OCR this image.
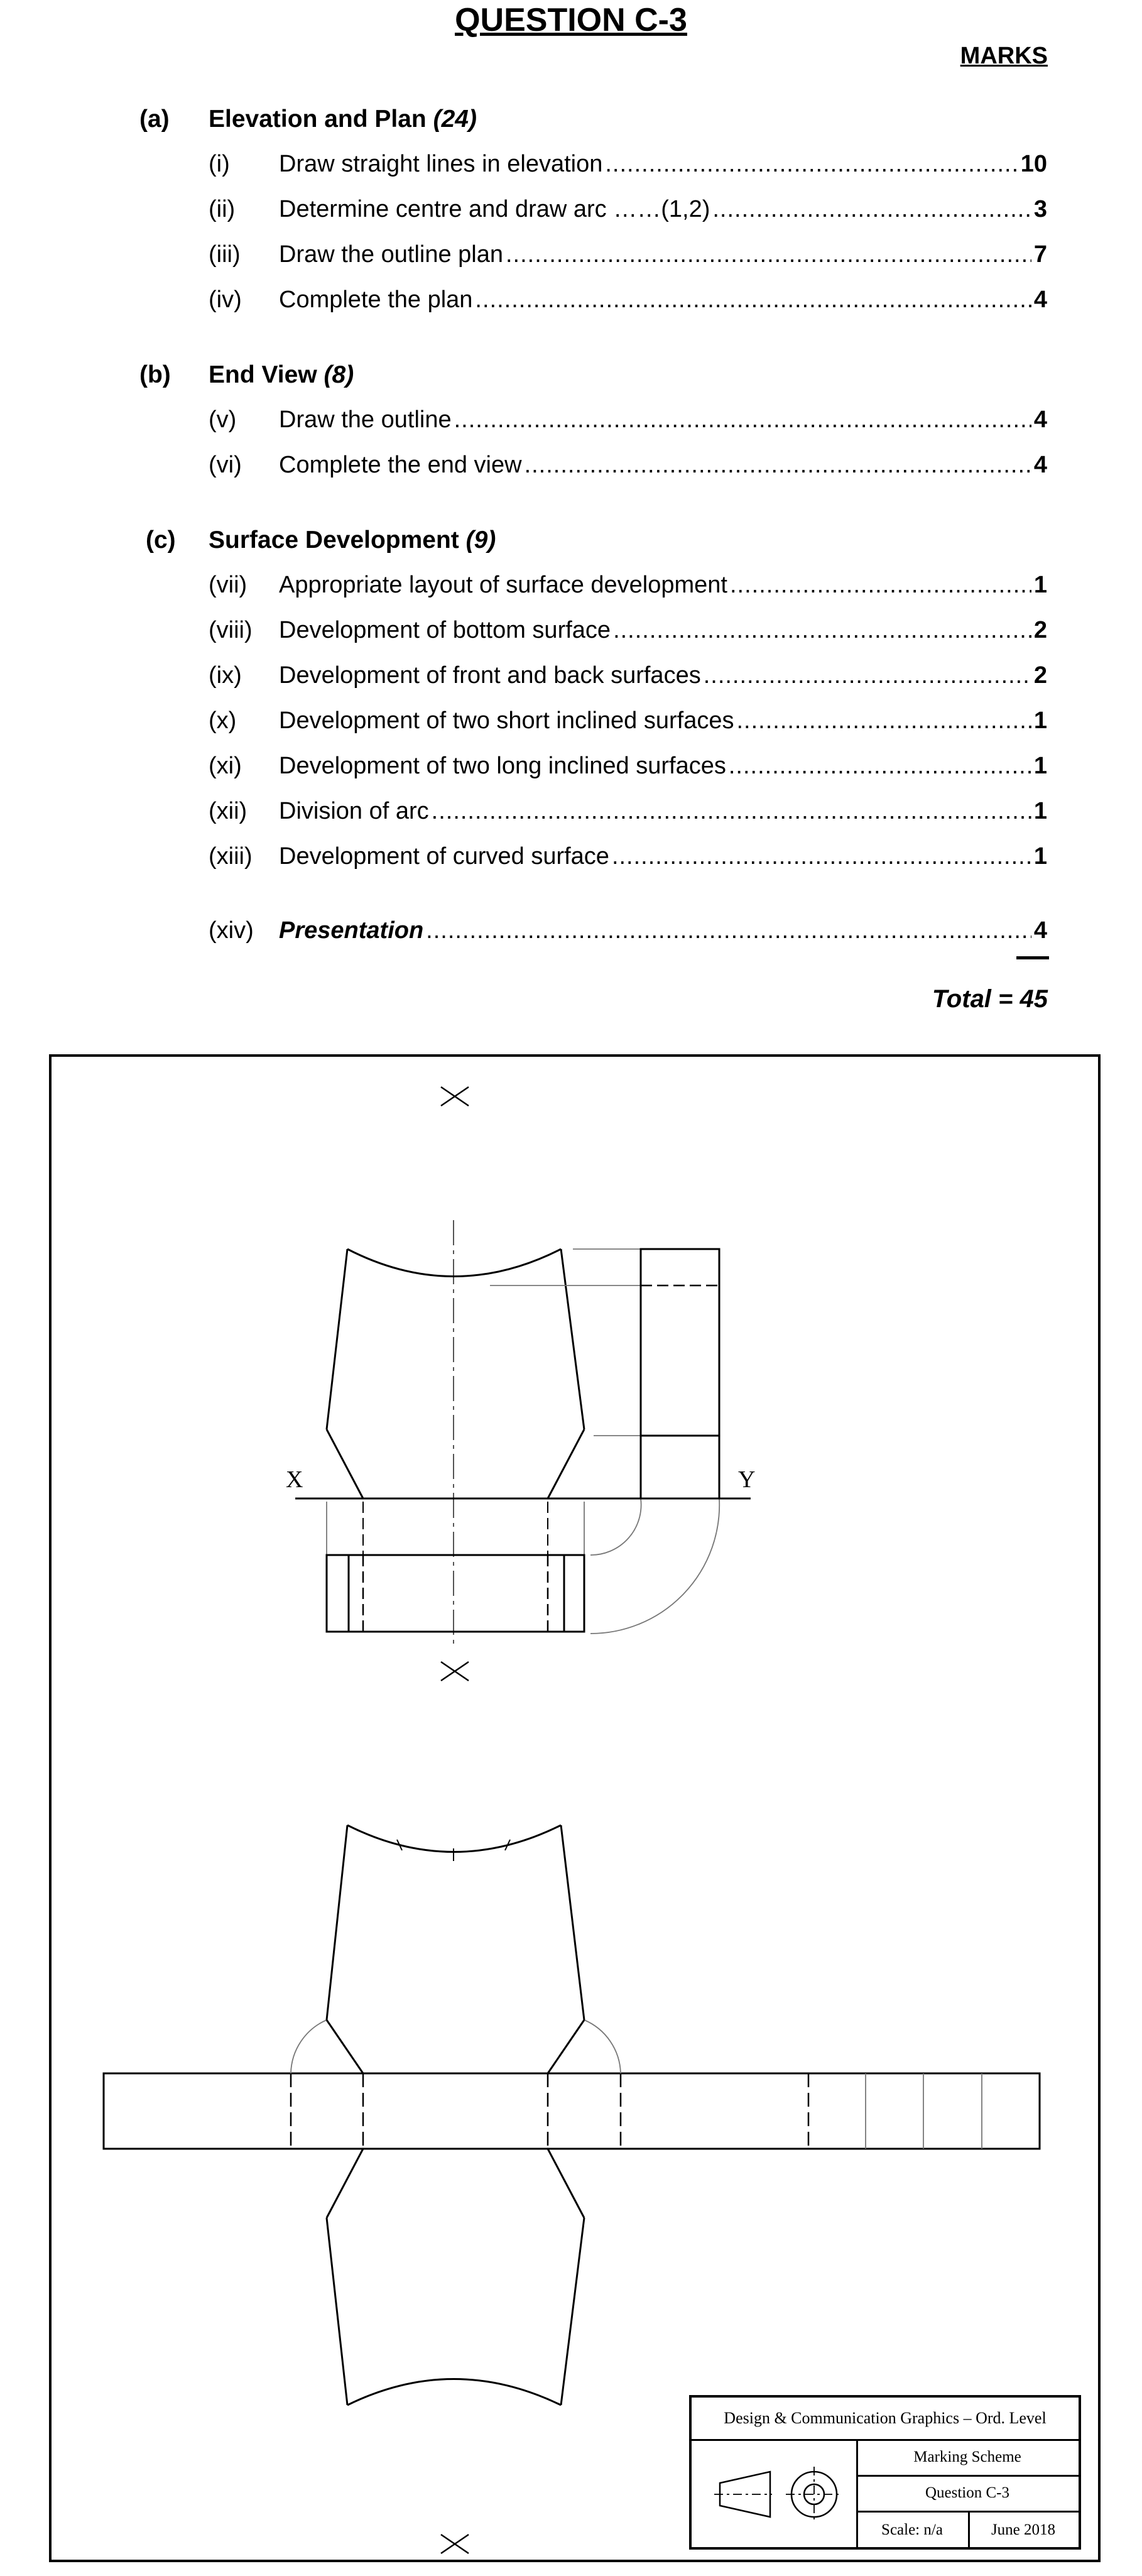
QUESTION C-3
MARKS
(a) Elevation and Plan (24)
(i)	Draw straight lines in elevation .....	10
(ii)	Determine centre and draw arc ……(1,2) .....	3
(iii)	Draw the outline plan .....	7
(iv)	Complete the plan .....	4
(b) End View (8)
(v)	Draw the outline .....	4
(vi)	Complete the end view .....	4
(c) Surface Development (9)
(vii)	Appropriate layout of surface development .....	1
(viii)	Development of bottom surface .....	2
(ix)	Development of front and back surfaces .....	2
(x)	Development of two short inclined surfaces .....	1
(xi)	Development of two long inclined surfaces .....	1
(xii)	Division of arc .....	1
(xiii)	Development of curved surface .....	1
(xiv)	Presentation .....	4
Total = 45
X	Y
Design & Communication Graphics – Ord. Level
Marking Scheme
Question C-3
Scale: n/a	June 2018
